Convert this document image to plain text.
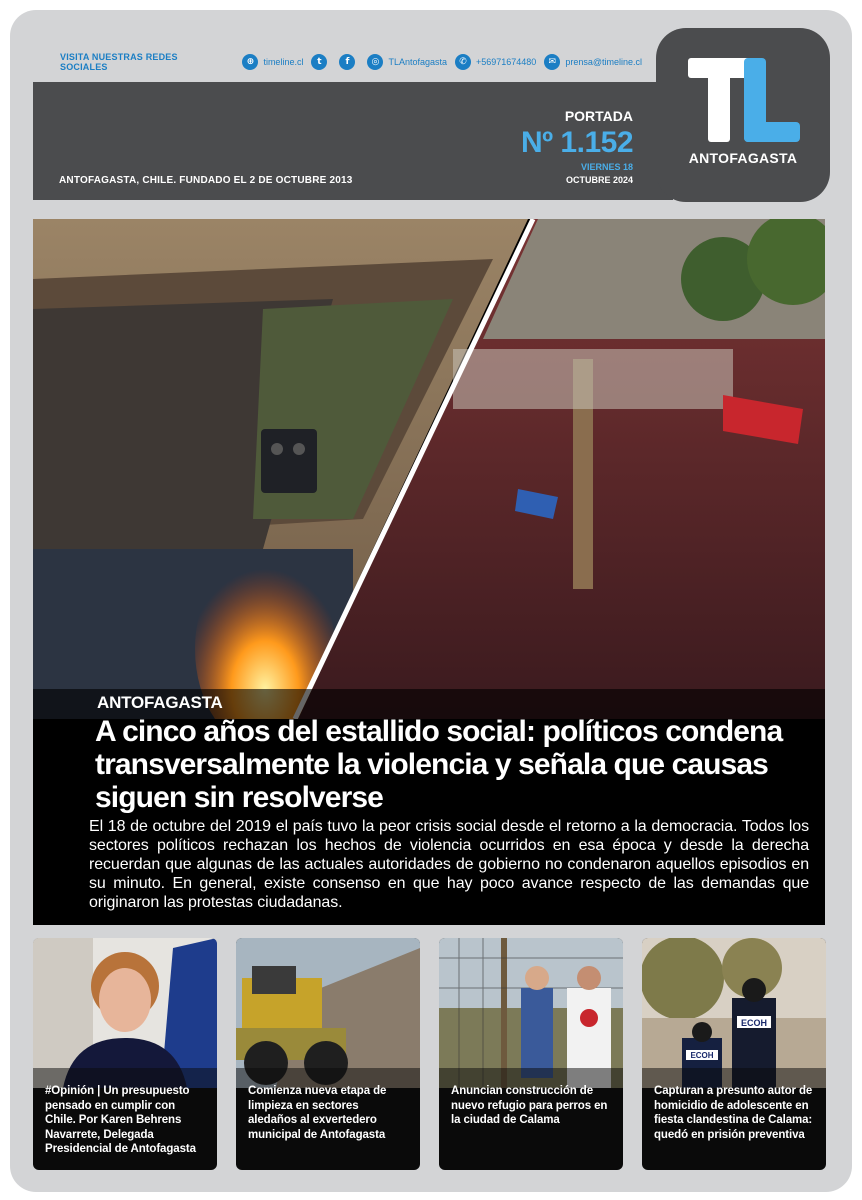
VISITA NUESTRAS REDES SOCIALES	⊕	timeline.cl	t	f	◎	TLAntofagasta	✆	+56971674480	✉	prensa@timeline.cl
PORTADA
Nº 1.152
VIERNES 18
OCTUBRE 2024
ANTOFAGASTA, CHILE. FUNDADO EL 2 DE OCTUBRE 2013
ANTOFAGASTA
ANTOFAGASTA
A cinco años del estallido social: políticos condena transversalmente la violencia y señala que causas siguen sin resolverse

El 18 de octubre del 2019 el país tuvo la peor crisis social desde el retorno a la democracia. Todos los sectores políticos rechazan los hechos de violencia ocurridos en esa época y desde la derecha recuerdan que algunas de las actuales autoridades de gobierno no condenaron aquellos episodios en su minuto. En general, existe consenso en que hay poco avance respecto de las demandas que originaron las protestas ciudadanas.

#Opinión | Un presupuesto pensado en cumplir con Chile. Por Karen Behrens Navarrete, Delegada Presidencial de Antofagasta
Comienza nueva etapa de limpieza en sectores aledaños al exvertedero municipal de Antofagasta
Anuncian construcción de nuevo refugio para perros en la ciudad de Calama
ECOH
ECOH
Capturan a presunto autor de homicidio de adolescente en fiesta clandestina de Calama: quedó en prisión preventiva
